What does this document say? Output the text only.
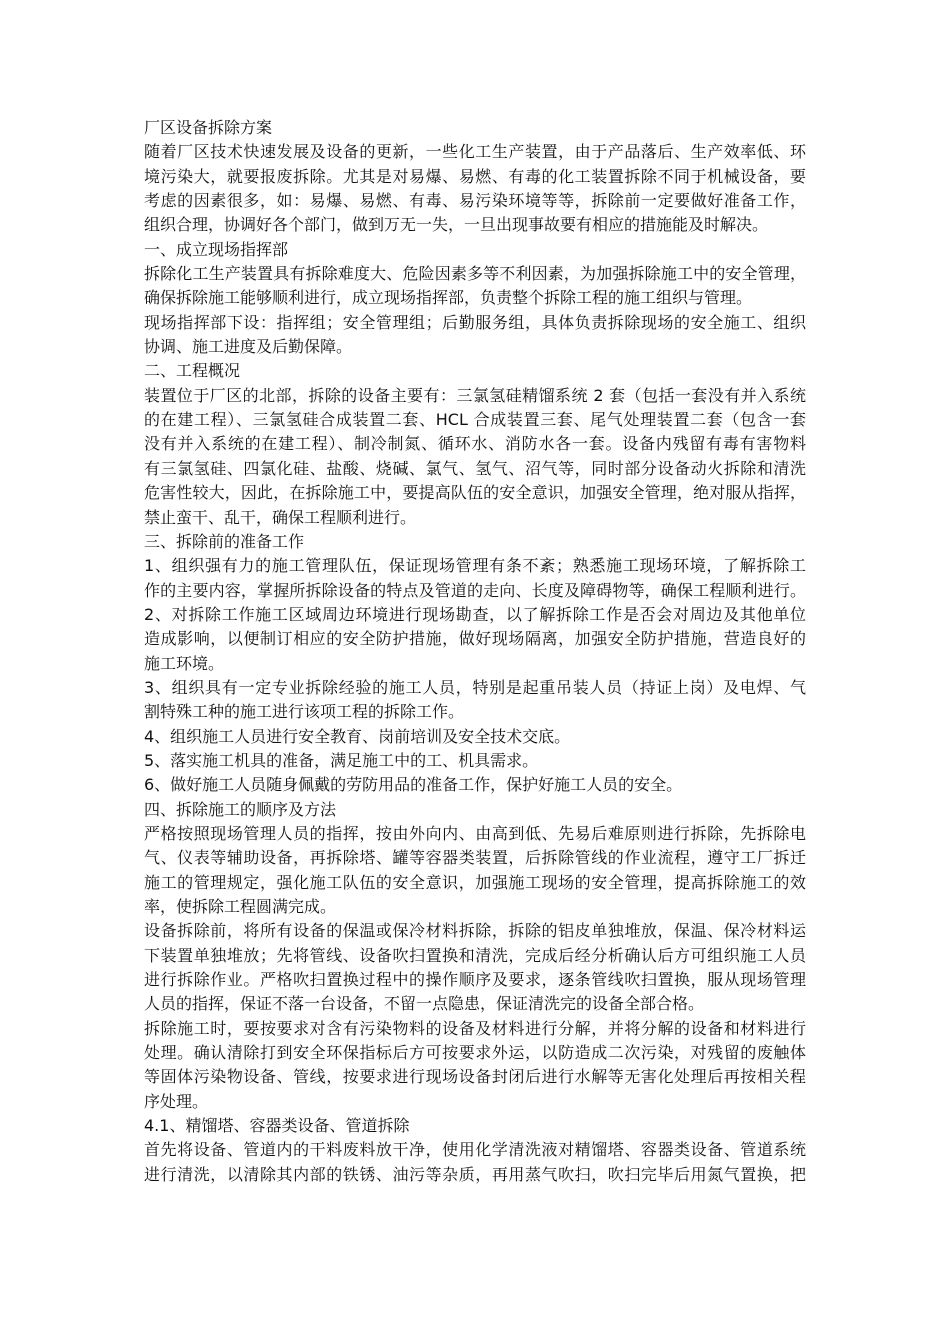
厂区设备拆除方案
随着厂区技术快速发展及设备的更新，一些化工生产装置，由于产品落后、生产效率低、环
境污染大，就要报废拆除。尤其是对易爆、易燃、有毒的化工装置拆除不同于机械设备，要
考虑的因素很多，如：易爆、易燃、有毒、易污染环境等等，拆除前一定要做好准备工作，
组织合理，协调好各个部门，做到万无一失，一旦出现事故要有相应的措施能及时解决。
一、成立现场指挥部
拆除化工生产装置具有拆除难度大、危险因素多等不利因素，为加强拆除施工中的安全管理，
确保拆除施工能够顺利进行，成立现场指挥部，负责整个拆除工程的施工组织与管理。
现场指挥部下设：指挥组；安全管理组；后勤服务组，具体负责拆除现场的安全施工、组织
协调、施工进度及后勤保障。
二、工程概况
装置位于厂区的北部，拆除的设备主要有：三氯氢硅精馏系统 2 套（包括一套没有并入系统
的在建工程）、三氯氢硅合成装置二套、HCL 合成装置三套、尾气处理装置二套（包含一套
没有并入系统的在建工程）、制冷制氮、循环水、消防水各一套。设备内残留有毒有害物料
有三氯氢硅、四氯化硅、盐酸、烧碱、氯气、氢气、沼气等，同时部分设备动火拆除和清洗
危害性较大，因此，在拆除施工中，要提高队伍的安全意识，加强安全管理，绝对服从指挥，
禁止蛮干、乱干，确保工程顺利进行。
三、拆除前的准备工作
1、组织强有力的施工管理队伍，保证现场管理有条不紊；熟悉施工现场环境，了解拆除工
作的主要内容，掌握所拆除设备的特点及管道的走向、长度及障碍物等，确保工程顺利进行。
2、对拆除工作施工区域周边环境进行现场勘查，以了解拆除工作是否会对周边及其他单位
造成影响，以便制订相应的安全防护措施，做好现场隔离，加强安全防护措施，营造良好的
施工环境。
3、组织具有一定专业拆除经验的施工人员，特别是起重吊装人员（持证上岗）及电焊、气
割特殊工种的施工进行该项工程的拆除工作。
4、组织施工人员进行安全教育、岗前培训及安全技术交底。
5、落实施工机具的准备，满足施工中的工、机具需求。
6、做好施工人员随身佩戴的劳防用品的准备工作，保护好施工人员的安全。
四、拆除施工的顺序及方法
严格按照现场管理人员的指挥，按由外向内、由高到低、先易后难原则进行拆除，先拆除电
气、仪表等辅助设备，再拆除塔、罐等容器类装置，后拆除管线的作业流程，遵守工厂拆迁
施工的管理规定，强化施工队伍的安全意识，加强施工现场的安全管理，提高拆除施工的效
率，使拆除工程圆满完成。
设备拆除前，将所有设备的保温或保冷材料拆除，拆除的铝皮单独堆放，保温、保冷材料运
下装置单独堆放；先将管线、设备吹扫置换和清洗，完成后经分析确认后方可组织施工人员
进行拆除作业。严格吹扫置换过程中的操作顺序及要求，逐条管线吹扫置换，服从现场管理
人员的指挥，保证不落一台设备，不留一点隐患，保证清洗完的设备全部合格。
拆除施工时，要按要求对含有污染物料的设备及材料进行分解，并将分解的设备和材料进行
处理。确认清除打到安全环保指标后方可按要求外运，以防造成二次污染，对残留的废触体
等固体污染物设备、管线，按要求进行现场设备封闭后进行水解等无害化处理后再按相关程
序处理。
4.1、精馏塔、容器类设备、管道拆除
首先将设备、管道内的干料废料放干净，使用化学清洗液对精馏塔、容器类设备、管道系统
进行清洗，以清除其内部的铁锈、油污等杂质，再用蒸气吹扫，吹扫完毕后用氮气置换，把
